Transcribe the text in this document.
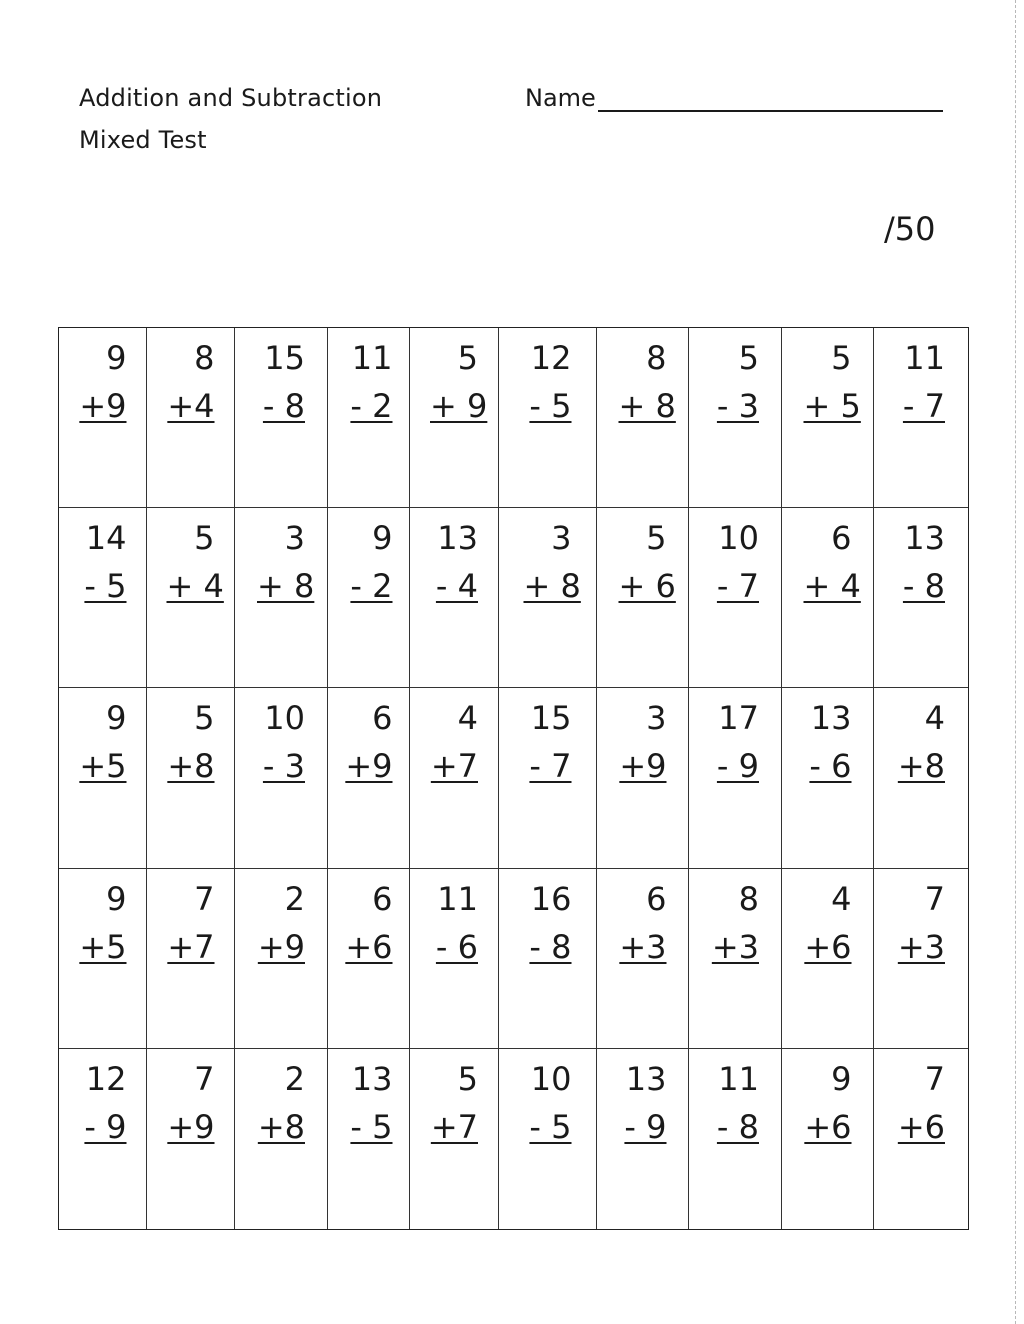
Addition and Subtraction
Mixed Test
Name
/50
9
+9
8
+4
15
- 8
11
- 2
5
+ 9
12
- 5
8
+ 8
5
- 3
5
+ 5
11
- 7
14
- 5
5
+ 4
3
+ 8
9
- 2
13
- 4
3
+ 8
5
+ 6
10
- 7
6
+ 4
13
- 8
9
+5
5
+8
10
- 3
6
+9
4
+7
15
- 7
3
+9
17
- 9
13
- 6
4
+8
9
+5
7
+7
2
+9
6
+6
11
- 6
16
- 8
6
+3
8
+3
4
+6
7
+3
12
- 9
7
+9
2
+8
13
- 5
5
+7
10
- 5
13
- 9
11
- 8
9
+6
7
+6
